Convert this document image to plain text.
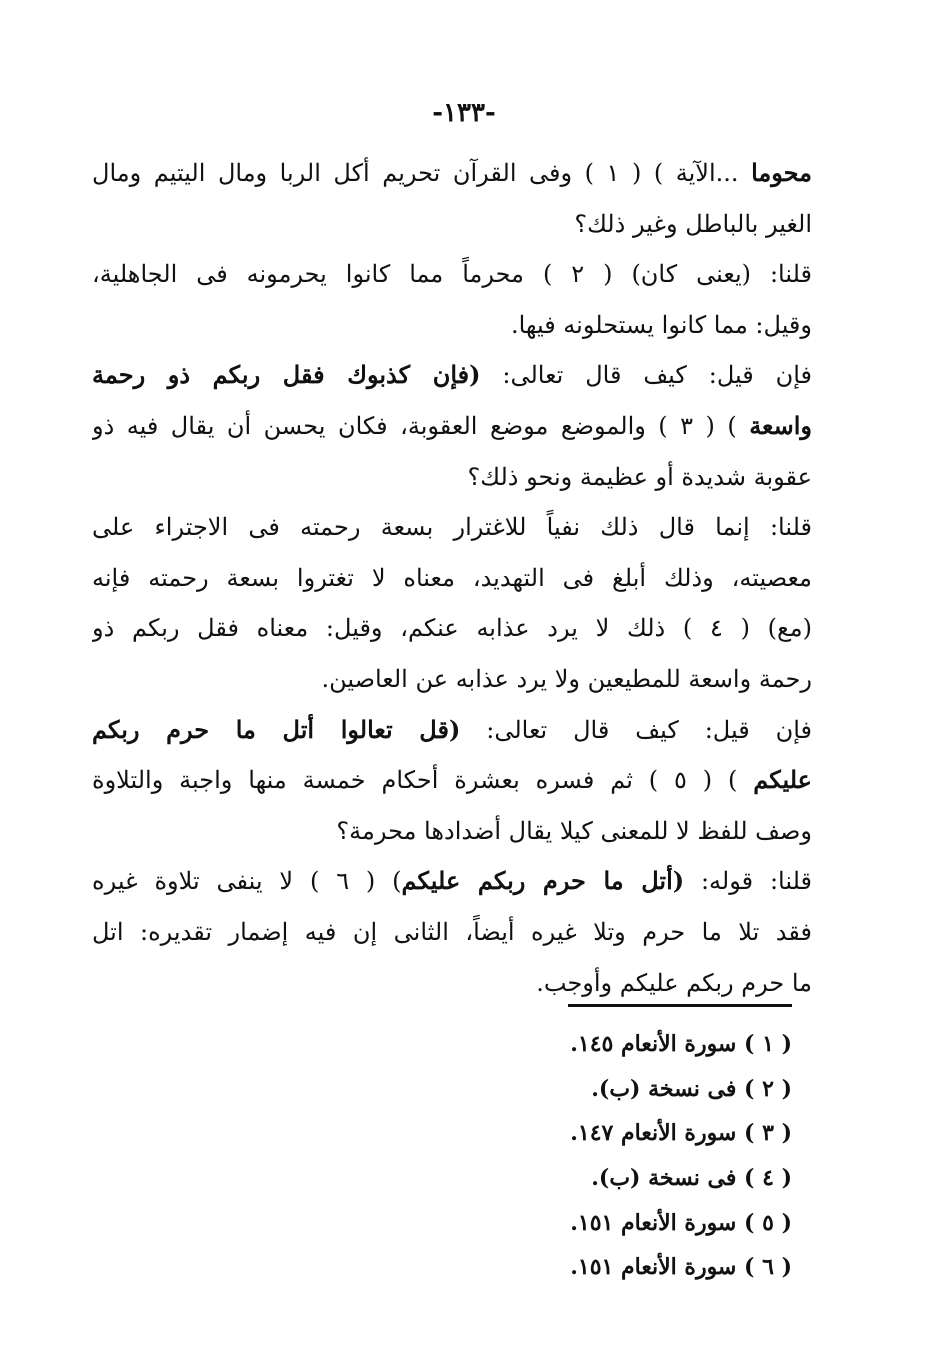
-١٣٣-
محوما ...الآية ) ( ١ ) وفى القرآن تحريم أكل الربا ومال اليتيم ومال
الغير بالباطل وغير ذلك؟
قلنا: (يعنى كان) ( ٢ ) محرماً مما كانوا يحرمونه فى الجاهلية،
وقيل: مما كانوا يستحلونه فيها.
فإن قيل: كيف قال تعالى: (فإن كذبوك فقل ربكم ذو رحمة
واسعة ) ( ٣ ) والموضع موضع العقوبة، فكان يحسن أن يقال فيه ذو
عقوبة شديدة أو عظيمة ونحو ذلك؟
قلنا: إنما قال ذلك نفياً للاغترار بسعة رحمته فى الاجتراء على
معصيته، وذلك أبلغ فى التهديد، معناه لا تغتروا بسعة رحمته فإنه
(مع) ( ٤ ) ذلك لا يرد عذابه عنكم، وقيل: معناه فقل ربكم ذو
رحمة واسعة للمطيعين ولا يرد عذابه عن العاصين.
فإن قيل: كيف قال تعالى: (قل تعالوا أتل ما حرم ربكم
عليكم ) ( ٥ ) ثم فسره بعشرة أحكام خمسة منها واجبة والتلاوة
وصف للفظ لا للمعنى كيلا يقال أضدادها محرمة؟
قلنا: قوله: (أتل ما حرم ربكم عليكم) ( ٦ ) لا ينفى تلاوة غيره
فقد تلا ما حرم وتلا غيره أيضاً، الثانى إن فيه إضمار تقديره: اتل
ما حرم ربكم عليكم وأوجب.
( ١ ) سورة الأنعام ١٤٥.
( ٢ ) فى نسخة (ب).
( ٣ ) سورة الأنعام ١٤٧.
( ٤ ) فى نسخة (ب).
( ٥ ) سورة الأنعام ١٥١.
( ٦ ) سورة الأنعام ١٥١.
